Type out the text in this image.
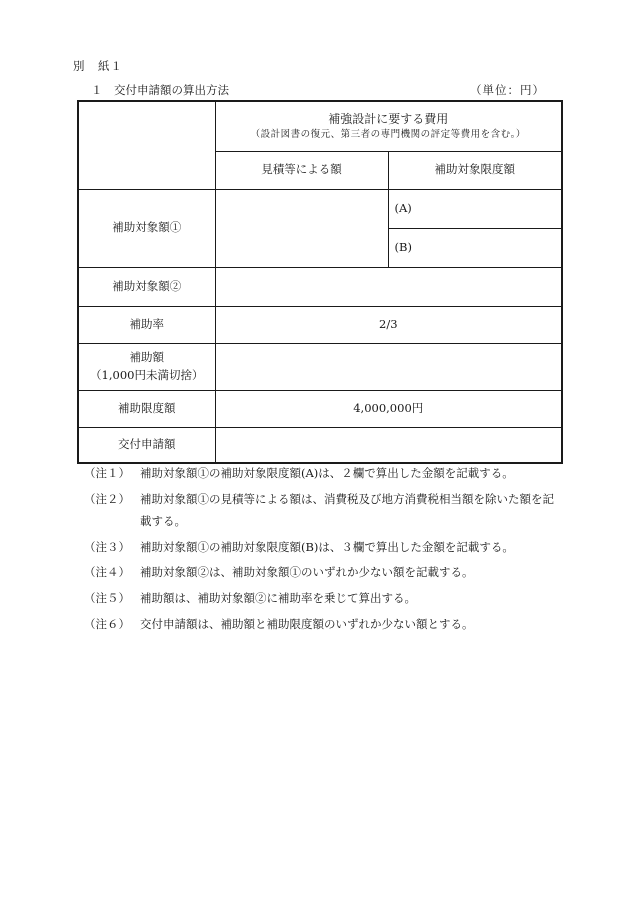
別　紙１
１　交付申請額の算出方法	（単位：円）

	補強設計に要する費用
（設計図書の復元、第三者の専門機関の評定等費用を含む。）	

	見積等による額	補助対象限度額
補助対象額①		(A)
		(B)
補助対象額②		
補助率	2/3	

補助額
（1,000円未満切捨）		

補助限度額	4,000,000円	
交付申請額		
（注１） 補助対象額①の補助対象限度額(A)は、２欄で算出した金額を記載する。
（注２） 補助対象額①の見積等による額は、消費税及び地方消費税相当額を除いた額を記載する。
（注３） 補助対象額①の補助対象限度額(B)は、３欄で算出した金額を記載する。
（注４） 補助対象額②は、補助対象額①のいずれか少ない額を記載する。
（注５） 補助額は、補助対象額②に補助率を乗じて算出する。
（注６） 交付申請額は、補助額と補助限度額のいずれか少ない額とする。
